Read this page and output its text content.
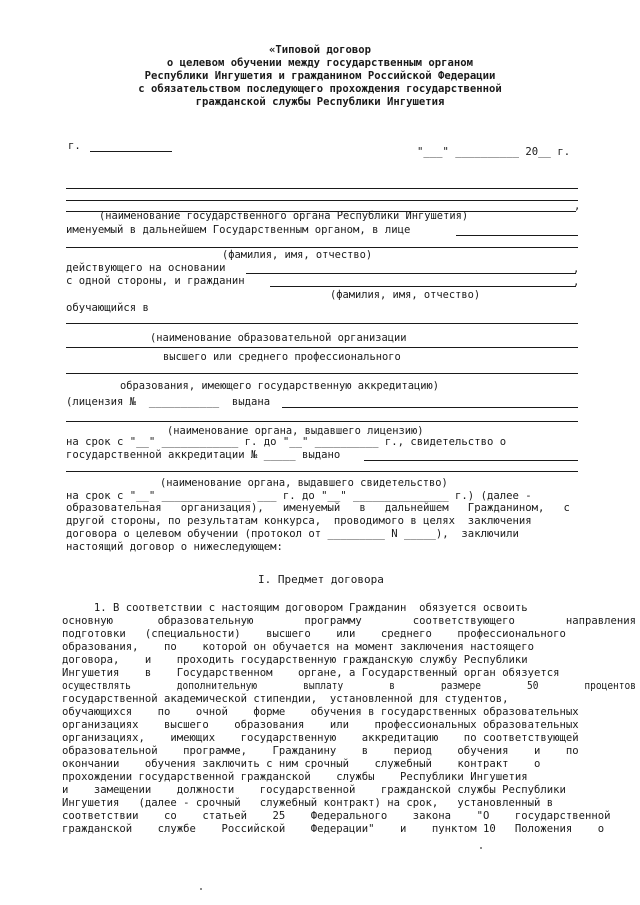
«Типовой договор
о целевом обучении между государственным органом
Республики Ингушетия и гражданином Российской Федерации
с обязательством последующего прохождения государственной
гражданской службы Республики Ингушетия
г.	"___" __________ 20__ г.
,
(наименование государственного органа Республики Ингушетия)
именуемый в дальнейшем Государственным органом, в лице
(фамилия, имя, отчество)
действующего на основании	,
с одной стороны, и гражданин	,
(фамилия, имя, отчество)
обучающийся в
(наименование образовательной организации
высшего или среднего профессионального
образования, имеющего государственную аккредитацию)
(лицензия №  ___________  выдана
(наименование органа, выдавшего лицензию)
на срок с "__" ____________ г. до "__" __________ г., свидетельство о
государственной аккредитации № _____ выдано
(наименование органа, выдавшего свидетельство)
на срок с "__" ______________ ___ г. до "__" _______________ г.) (далее -
образовательная   организация),   именуемый   в   дальнейшем   Гражданином,   с
другой стороны, по результатам конкурса,  проводимого в целях  заключения
договора о целевом обучении (протокол от _________ N _____),  заключили
настоящий договор о нижеследующем:
I. Предмет договора
1. В соответствии с настоящим договором Гражданин  обязуется освоить
основную       образовательную        программу        соответствующего        направления
подготовки   (специальности)    высшего    или    среднего    профессионального
образования,    по    которой он обучается на момент заключения настоящего
договора,    и    проходить государственную гражданскую службу Республики
Ингушетия    в    Государственном    органе, а Государственный орган обязуется
осуществлять        дополнительную        выплату        в        размере        50        процентов
государственной академической стипендии,  установленной для студентов,
обучающихся    по    очной    форме    обучения в государственных образовательных
организациях    высшего    образования    или    профессиональных образовательных
организациях,    имеющих    государственную    аккредитацию    по соответствующей
образовательной    программе,    Гражданину    в    период    обучения    и    по
окончании    обучения заключить с ним срочный    служебный    контракт    о
прохождении государственной гражданской    службы    Республики Ингушетия
и    замещении    должности    государственной    гражданской службы Республики
Ингушетия   (далее - срочный   служебный контракт) на срок,   установленный в
соответствии    со    статьей    25    Федерального    закона    "О    государственной
гражданской    службе    Российской    Федерации"    и    пунктом 10   Положения    о
